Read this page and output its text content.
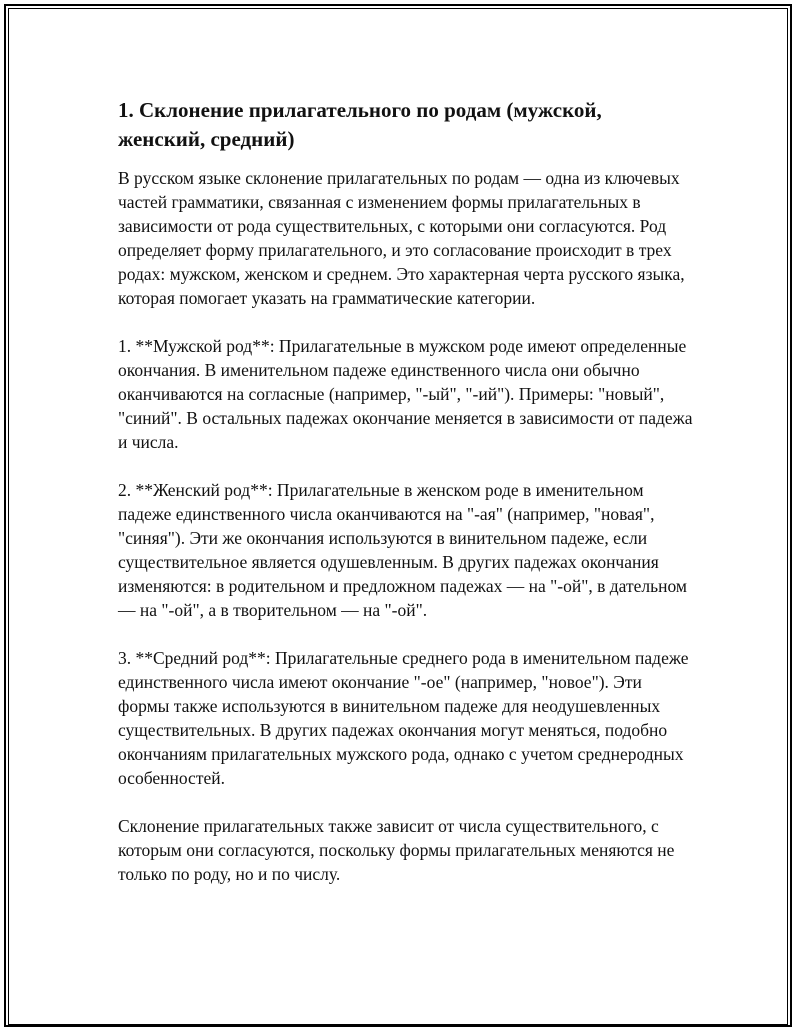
1. Склонение прилагательного по родам (мужской, женский, средний)

В русском языке склонение прилагательных по родам — одна из ключевых частей грамматики, связанная с изменением формы прилагательных в зависимости от рода существительных, с которыми они согласуются. Род определяет форму прилагательного, и это согласование происходит в трех родах: мужском, женском и среднем. Это характерная черта русского языка, которая помогает указать на грамматические категории.

1. **Мужской род**: Прилагательные в мужском роде имеют определенные окончания. В именительном падеже единственного числа они обычно оканчиваются на согласные (например, "-ый", "-ий"). Примеры: "новый", "синий". В остальных падежах окончание меняется в зависимости от падежа и числа.

2. **Женский род**: Прилагательные в женском роде в именительном падеже единственного числа оканчиваются на "-ая" (например, "новая", "синяя"). Эти же окончания используются в винительном падеже, если существительное является одушевленным. В других падежах окончания изменяются: в родительном и предложном падежах — на "-ой", в дательном — на "-ой", а в творительном — на "-ой".

3. **Средний род**: Прилагательные среднего рода в именительном падеже единственного числа имеют окончание "-ое" (например, "новое"). Эти формы также используются в винительном падеже для неодушевленных существительных. В других падежах окончания могут меняться, подобно окончаниям прилагательных мужского рода, однако с учетом среднеродных особенностей.

Склонение прилагательных также зависит от числа существительного, с которым они согласуются, поскольку формы прилагательных меняются не только по роду, но и по числу.
